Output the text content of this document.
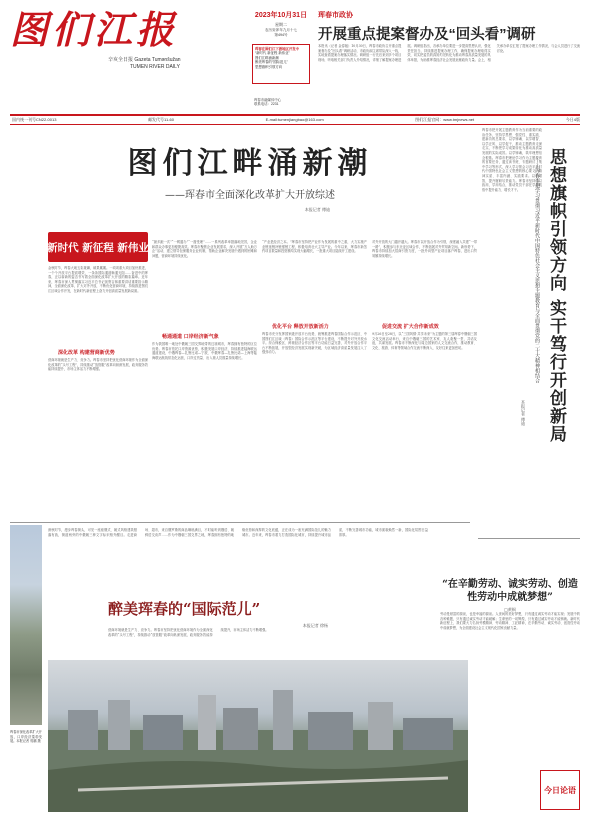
图们江报
辛亥全日报 Gazeta Tumənšužan
TUMEN RIVER DAILY
2023年10月31日
星期二
农历癸卯年九月十七
第494号
珲春在图们江下游地区开发中
“新时代 新征程 新伟业”
图们江畔涌新潮
醉美珲春的“国际范儿”
思想旗帜引领方向
珲春市融媒体中心
联系电话：2231
珲春市政协
开展重点提案督办及“回头看”调研
本报讯（记者 金春姬）10月30日，珲春市政协召开重点提案督办及“回头看”调研活动，市政协副主席带队深入一线，实地查看提案办理落实情况。调研组一行先后来到多个项目现场，听取相关部门负责人介绍情况，详细了解提案办理进展。调研组指出，各承办单位要进一步提高思想认识，强化责任担当，持续推进提案办理工作，确保提案办理取得实效，切实把委员的真知灼见转化为推动珲春高质量发展的具体举措，为助推珲春经济社会发展贡献政协力量。会上，相关承办单位汇报了提案办理工作情况，与会人员进行了交流讨论。
国内统一刊号CN22-0013	邮发代号11-60	E-mail:tumenjiangbao@163.com	图们江报官网：www.tmjnews.net	今日4版
图们江畔涌新潮
——珲春市全面深化改革扩大开放综述
本报记者 傅迪
新时代 新征程 新伟业
金秋时节，珲春大地五彩斑斓，硕果累累。一项项重大项目加快推进，一个个开放平台提质增效，一条条国际通道畅通无阻……奋进中的珲春，正以崭新的姿态书写着全面深化改革扩大开放的精彩篇章。近年来，珲春市深入贯彻落实习近平总书记视察吉林重要讲话重要指示精神，全面深化改革，扩大对外开放，不断优化营商环境，持续推进图们江区域合作开发，在新时代新征程上奋力开创高质量发展新局面。
深化改革 构建营商新优势
营商环境就是生产力、竞争力。珲春市坚持把优化营商环境作为全面深化改革的“头号工程”，持续推动“放管服”改革向纵深发展，政务服务效能持续提升，市场主体活力不断增强。
“最多跑一次”“一网通办”“一窗受理”……一系列改革举措落地见效，企业和群众办事更加便捷高效。珲春市聚焦企业发展需求，深入开展“万人助万企”活动，建立领导包保服务企业机制，帮助企业解决发展中遇到的困难和问题，营商环境持续优化。
畅通通道 口岸经济新气象
作为我国唯一地处中俄朝三国交界地带的边境城市，珲春拥有独特的区位优势。珲春市依托口岸资源优势，积极发展口岸经济，持续推进陆海联运通道建设，中俄珲春—扎鲁比诺—宁波、中俄珲春—扎鲁比诺—上海等陆海联运航线常态化运营，口岸过货量、出入境人员数量持续增长。
“产业是经济之本。”珲春市坚持把产业作为发展的重中之重，大力实施产业链延链补链强链工程，积极培育壮大主导产业。今年以来，珲春市新签约项目数量和投资额均实现大幅增长，一批重大项目陆续开工建设。
优化平台 释放开放新活力
珲春市充分发挥国家级开放平台优势，统筹推进珲春国际合作示范区、中国图们江区域（珲春）国际合作示范区等平台建设，不断提升对外开放水平。综合保税区、跨境经济合作区等平台功能日益完善，对外开放合作平台不断拓展，开放型经济发展实现新突破，为区域经济高质量发展注入了强劲动力。
对外开放的大门越开越大。珲春市以开放合作为引领，深度融入共建“一带一路”，积极参与东北亚区域合作，不断拓展对外贸易新空间。新形势下，珲春市持续加大招商引资力度，一批外向型产业项目落户珲春，进出口贸易额持续增长。
促进交流 扩大合作新成效
9月26日至28日，以“三国风情·共享未来”为主题的第三届珲春中俄朝三国文化交流活动举行，来自中俄朝三国的艺术家、友人欢聚一堂，共话友谊，共谋发展。珲春市不断深化与周边国家的人文交流合作，推动教育、文化、旅游、体育等领域合作交流不断深入，友好往来更加密切。
珲春市把开展主题教育作为当前重要的政治任务，坚持学思想、强党性、重实践、建新功的总要求，以学铸魂、以学增智、以学正风、以学促干，推动主题教育走深走实，不断把学习成果转化为推动高质量发展的实际成效。以学铸魂，筑牢理想信念根基。珲春市把理论学习作为主题教育的首要任务，通过读书班、专题研讨、集中学习等形式，深入学习领会习近平新时代中国特色社会主义思想的核心要义、精神实质、丰富内涵、实践要求。以学增智，提升履职尽责能力。珲春市坚持学以致用，学用结合，推动党员干部在学思践悟中提升能力、增长才干。	思想旗帜引领方向 实干笃行开创新局
——珲春市把学习贯彻习近平新时代中国特色社会主义思想主题教育与全面贯彻党的二十大精神相结合
本报记者 傅迪
珲春市深化改革扩大开放，口岸经济蓬勃发展。本报记者 郭鹏 摄
深秋时节，漫步珲春街头，可见一座座俄式、朝式风格建筑错落有致，街道两旁的中俄朝三种文字标识格外醒目。走进商场、超市，来自俄罗斯的商品琳琅满目，不时能听到俄语、朝鲜语交谈声……作为中俄朝三国交界之地，珲春拥有独特的地缘优势和深厚的文化底蕴，正在成为一座充满国际范儿的魅力城市。近年来，珲春市着力打造国际化城市，持续提升城市品质，不断完善城市功能，城市面貌焕然一新，国际化氛围日益浓厚。
醉美珲春的“国际范儿”
本报记者 徐杨
营商环境就是生产力、竞争力。珲春市坚持把优化营商环境作为全面深化改革的“头号工程”，持续推动“放管服”改革向纵深发展，政务服务效能持续提升，市场主体活力不断增强。
“在辛勤劳动、诚实劳动、创造性劳动中成就梦想”
□黄枫
劳动是财富的源泉，也是幸福的源泉。人世间的美好梦想，只有通过诚实劳动才能实现；发展中的各种难题，只有通过诚实劳动才能破解；生命里的一切辉煌，只有通过诚实劳动才能铸就。新时代新征程上，我们要大力弘扬劳模精神、劳动精神、工匠精神，在辛勤劳动、诚实劳动、创造性劳动中成就梦想，为全面建设社会主义现代化国家贡献力量。
今日论语
